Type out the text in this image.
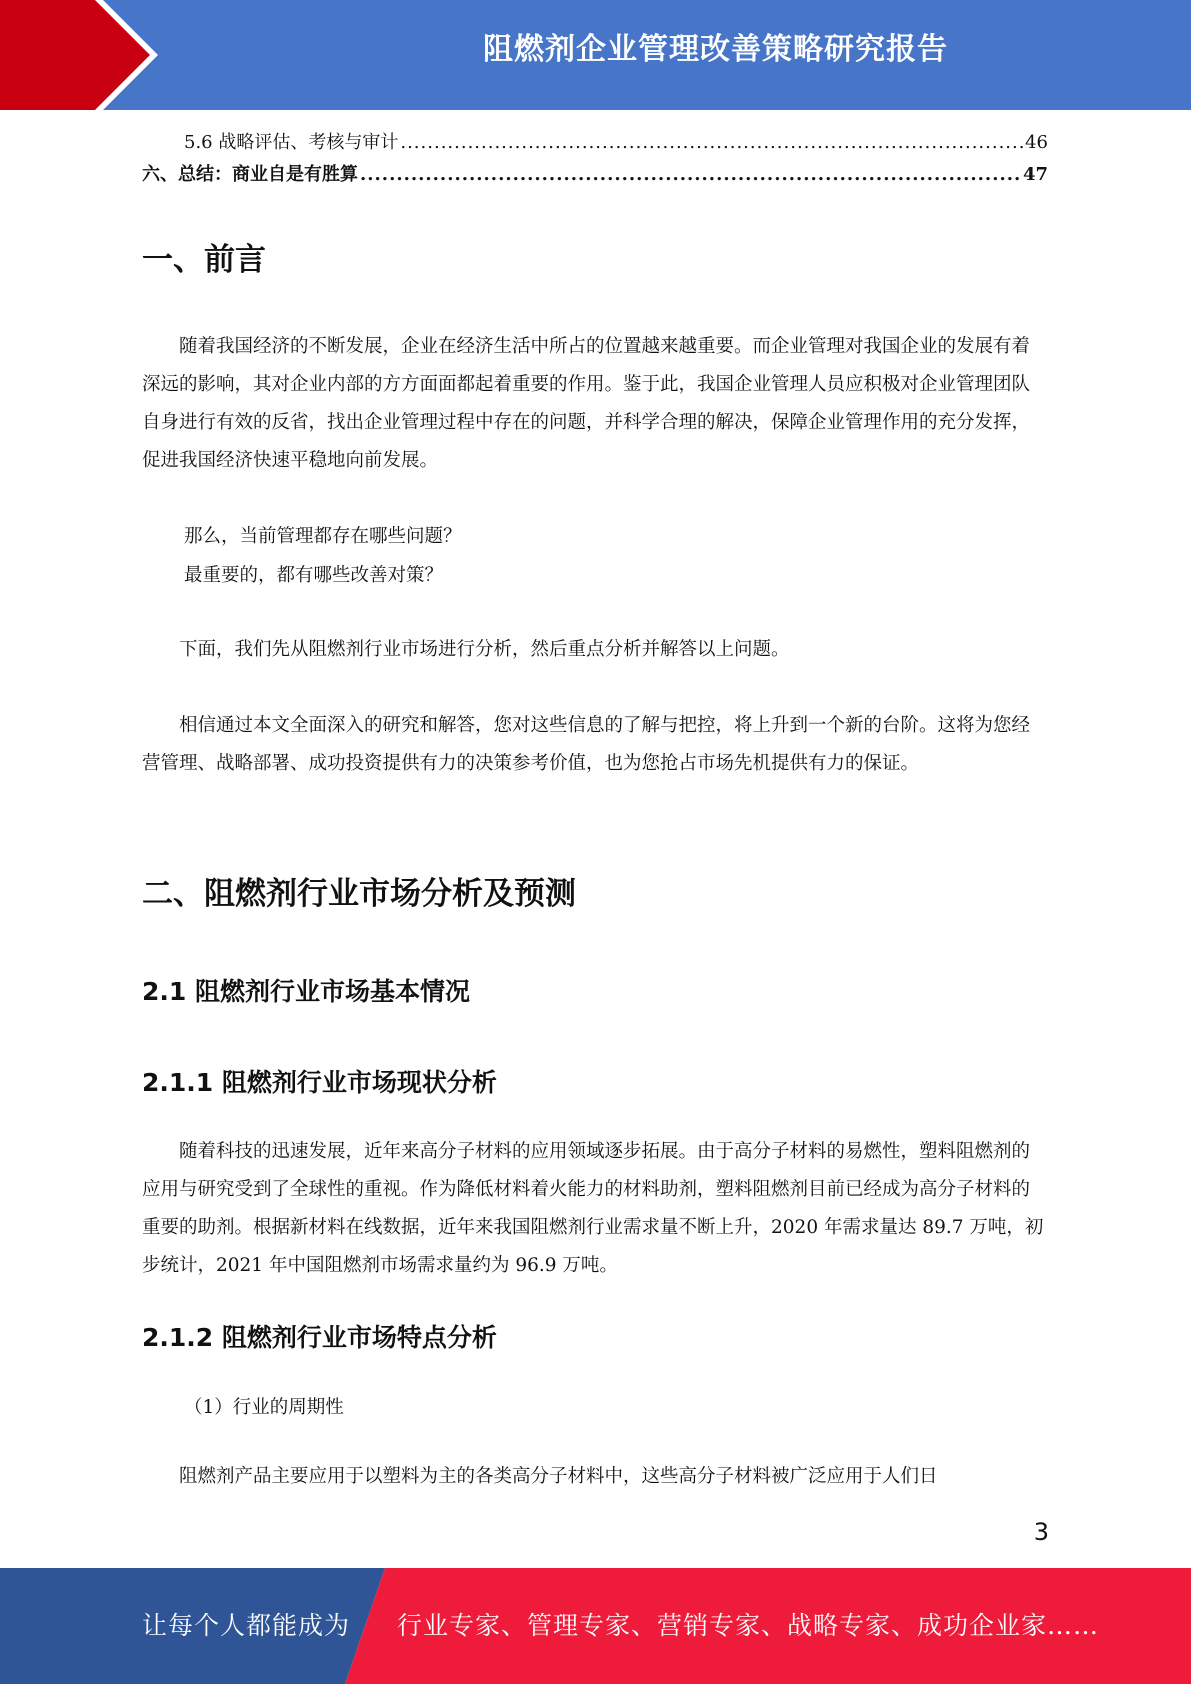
阻燃剂企业管理改善策略研究报告
5.6 战略评估、考核与审计 .....	46
六、总结：商业自是有胜算 .....	47
一、前言

随着我国经济的不断发展，企业在经济生活中所占的位置越来越重要。而企业管理对我国企业的发展有着深远的影响，其对企业内部的方方面面都起着重要的作用。鉴于此，我国企业管理人员应积极对企业管理团队自身进行有效的反省，找出企业管理过程中存在的问题，并科学合理的解决，保障企业管理作用的充分发挥，促进我国经济快速平稳地向前发展。

那么，当前管理都存在哪些问题？
最重要的，都有哪些改善对策？

下面，我们先从阻燃剂行业市场进行分析，然后重点分析并解答以上问题。

相信通过本文全面深入的研究和解答，您对这些信息的了解与把控，将上升到一个新的台阶。这将为您经营管理、战略部署、成功投资提供有力的决策参考价值，也为您抢占市场先机提供有力的保证。

二、阻燃剂行业市场分析及预测
2.1 阻燃剂行业市场基本情况
2.1.1 阻燃剂行业市场现状分析

随着科技的迅速发展，近年来高分子材料的应用领域逐步拓展。由于高分子材料的易燃性，塑料阻燃剂的应用与研究受到了全球性的重视。作为降低材料着火能力的材料助剂，塑料阻燃剂目前已经成为高分子材料的重要的助剂。根据新材料在线数据，近年来我国阻燃剂行业需求量不断上升，2020 年需求量达 89.7 万吨，初步统计，2021 年中国阻燃剂市场需求量约为 96.9 万吨。

2.1.2 阻燃剂行业市场特点分析
（1）行业的周期性

阻燃剂产品主要应用于以塑料为主的各类高分子材料中，这些高分子材料被广泛应用于人们日

3
让每个人都能成为 行业专家、管理专家、营销专家、战略专家、成功企业家……
